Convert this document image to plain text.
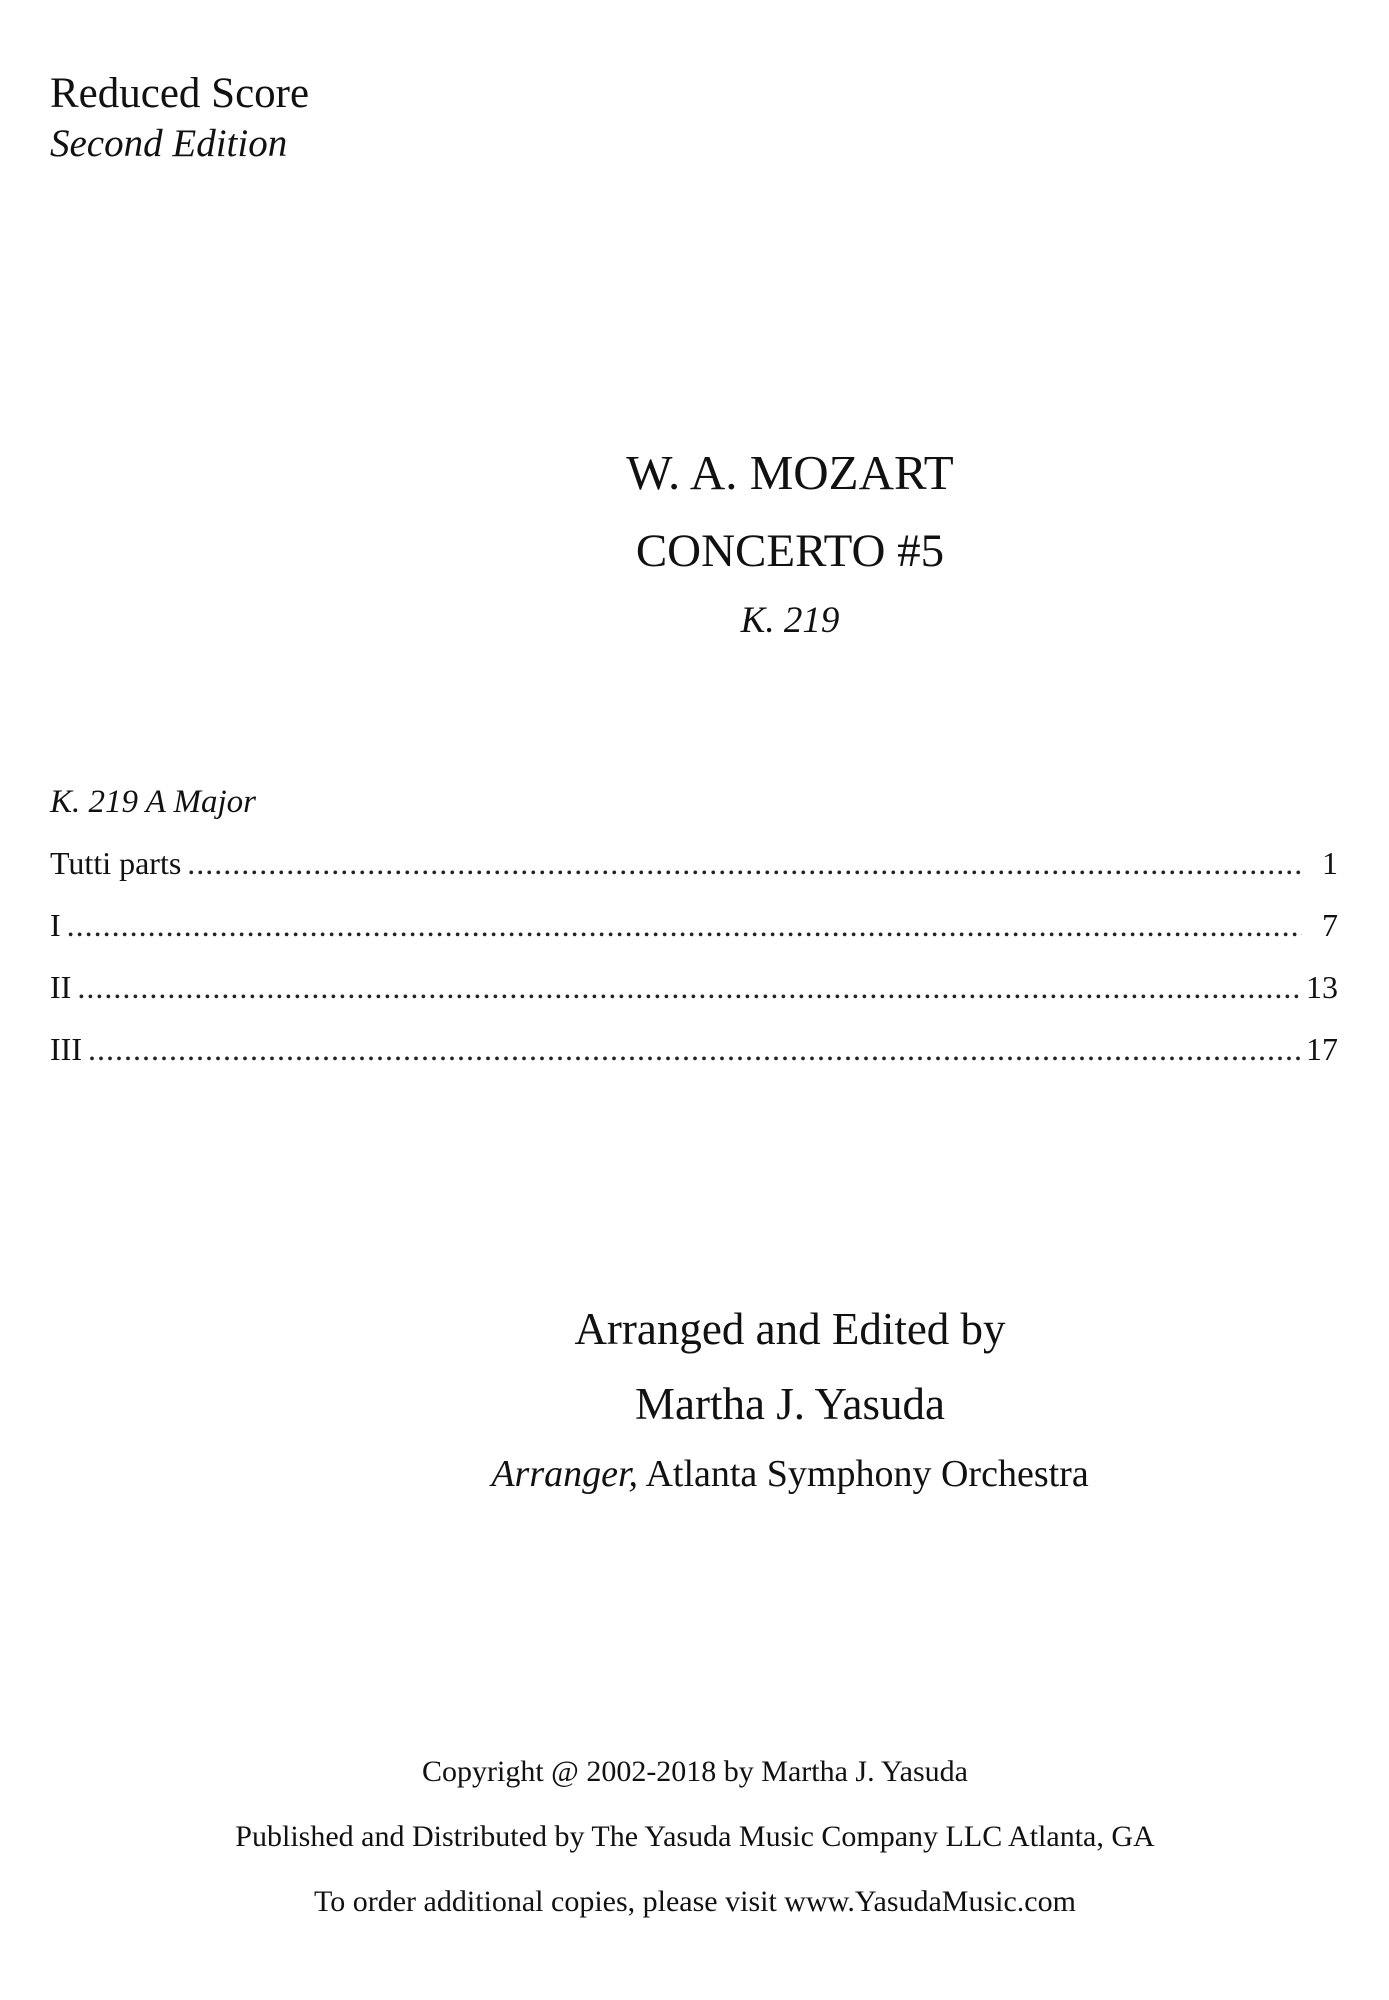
Reduced Score
Second Edition
W. A. MOZART
CONCERTO #5
K. 219
K. 219 A Major
Tutti parts .....	1
I .....	7
II .....	13
III .....	17
Arranged and Edited by
Martha J. Yasuda
Arranger, Atlanta Symphony Orchestra
Copyright @ 2002-2018 by Martha J. Yasuda
Published and Distributed by The Yasuda Music Company LLC Atlanta, GA
To order additional copies, please visit www.YasudaMusic.com
